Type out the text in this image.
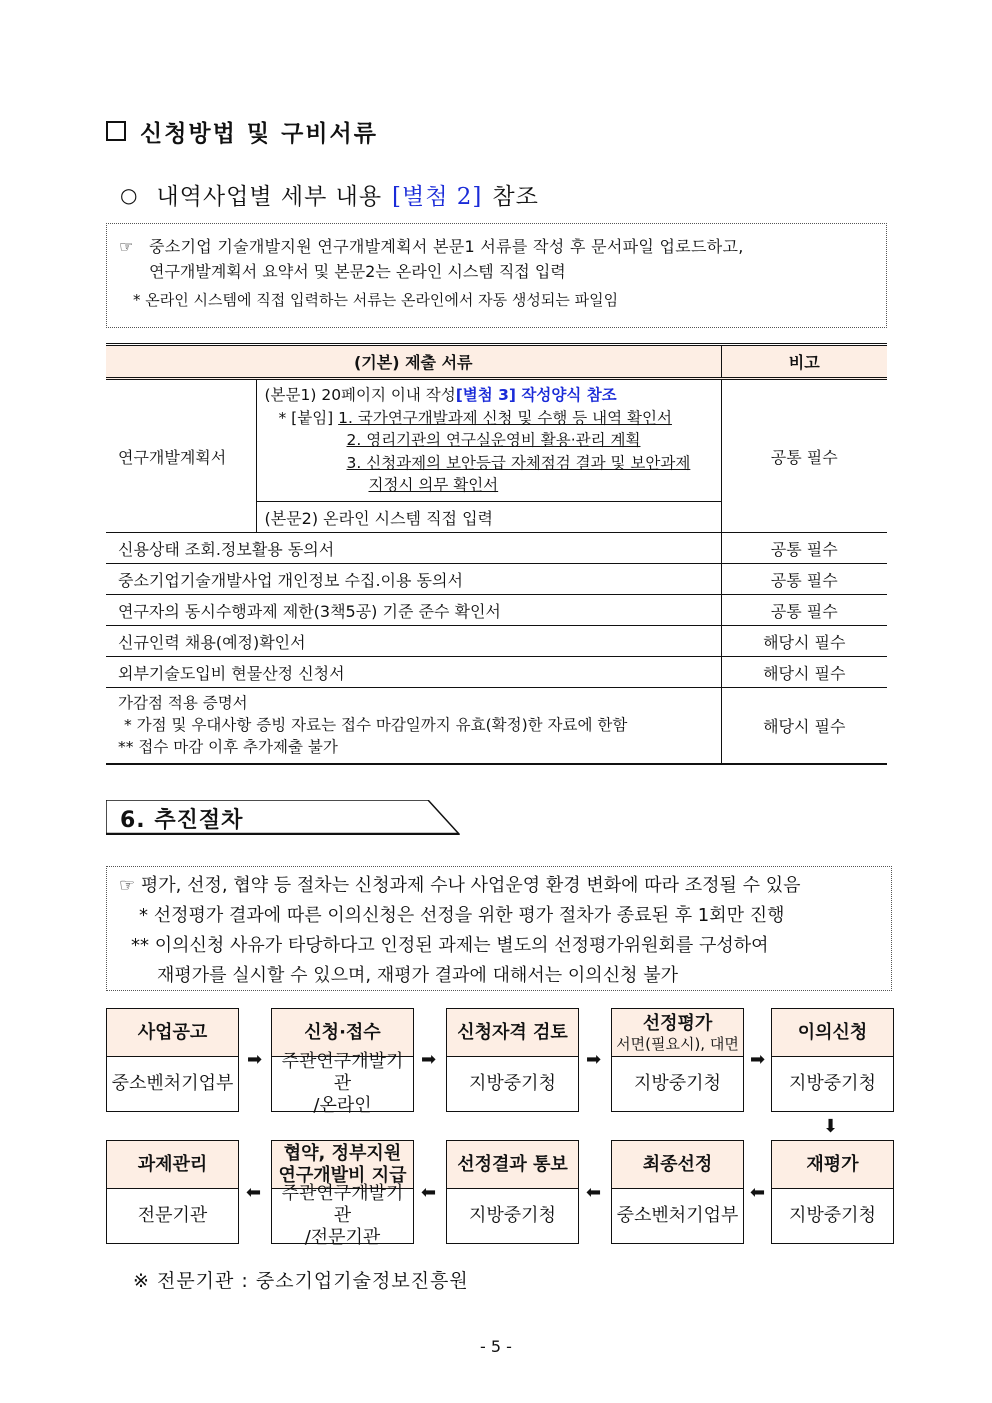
신청방법 및 구비서류
○ 내역사업별 세부 내용 [별첨 2] 참조
☞ 중소기업 기술개발지원 연구개발계획서 본문1 서류를 작성 후 문서파일 업로드하고,
연구개발계획서 요약서 및 본문2는 온라인 시스템 직접 입력
* 온라인 시스템에 직접 입력하는 서류는 온라인에서 자동 생성되는 파일임
(기본) 제출 서류		비고
연구개발계획서	(본문1) 20페이지 이내 작성[별첨 3] 작성양식 참조
* [붙임] 1. 국가연구개발과제 신청 및 수행 등 내역 확인서
2. 영리기관의 연구실운영비 활용·관리 계획
3. 신청과제의 보안등급 자체점검 결과 및 보안과제
지정시 의무 확인서	공통 필수
	(본문2) 온라인 시스템 직접 입력	
신용상태 조회.정보활용 동의서		공통 필수
중소기업기술개발사업 개인정보 수집.이용 동의서		공통 필수
연구자의 동시수행과제 제한(3책5공) 기준 준수 확인서		공통 필수
신규인력 채용(예정)확인서		해당시 필수
외부기술도입비 현물산정 신청서		해당시 필수

가감점 적용 증명서
* 가점 및 우대사항 증빙 자료는 접수 마감일까지 유효(확정)한 자료에 한함
** 접수 마감 이후 추가제출 불가		해당시 필수
6. 추진절차
☞ 평가, 선정, 협약 등 절차는 신청과제 수나 사업운영 환경 변화에 따라 조정될 수 있음
* 선정평가 결과에 따른 이의신청은 선정을 위한 평가 절차가 종료된 후 1회만 진행
** 이의신청 사유가 타당하다고 인정된 과제는 별도의 선정평가위원회를 구성하여
재평가를 실시할 수 있으며, 재평가 결과에 대해서는 이의신청 불가
사업공고
중소벤처기업부
➡
신청·접수
주관연구개발기관
/온라인
➡
신청자격 검토
지방중기청
➡
선정평가
서면(필요시), 대면
지방중기청
➡
이의신청
지방중기청
⬇
과제관리
전문기관
⬅
협약, 정부지원 연구개발비 지급
주관연구개발기관
/전문기관
⬅
선정결과 통보
지방중기청
⬅
최종선정
중소벤처기업부
⬅
재평가
지방중기청
※ 전문기관 : 중소기업기술정보진흥원
- 5 -
